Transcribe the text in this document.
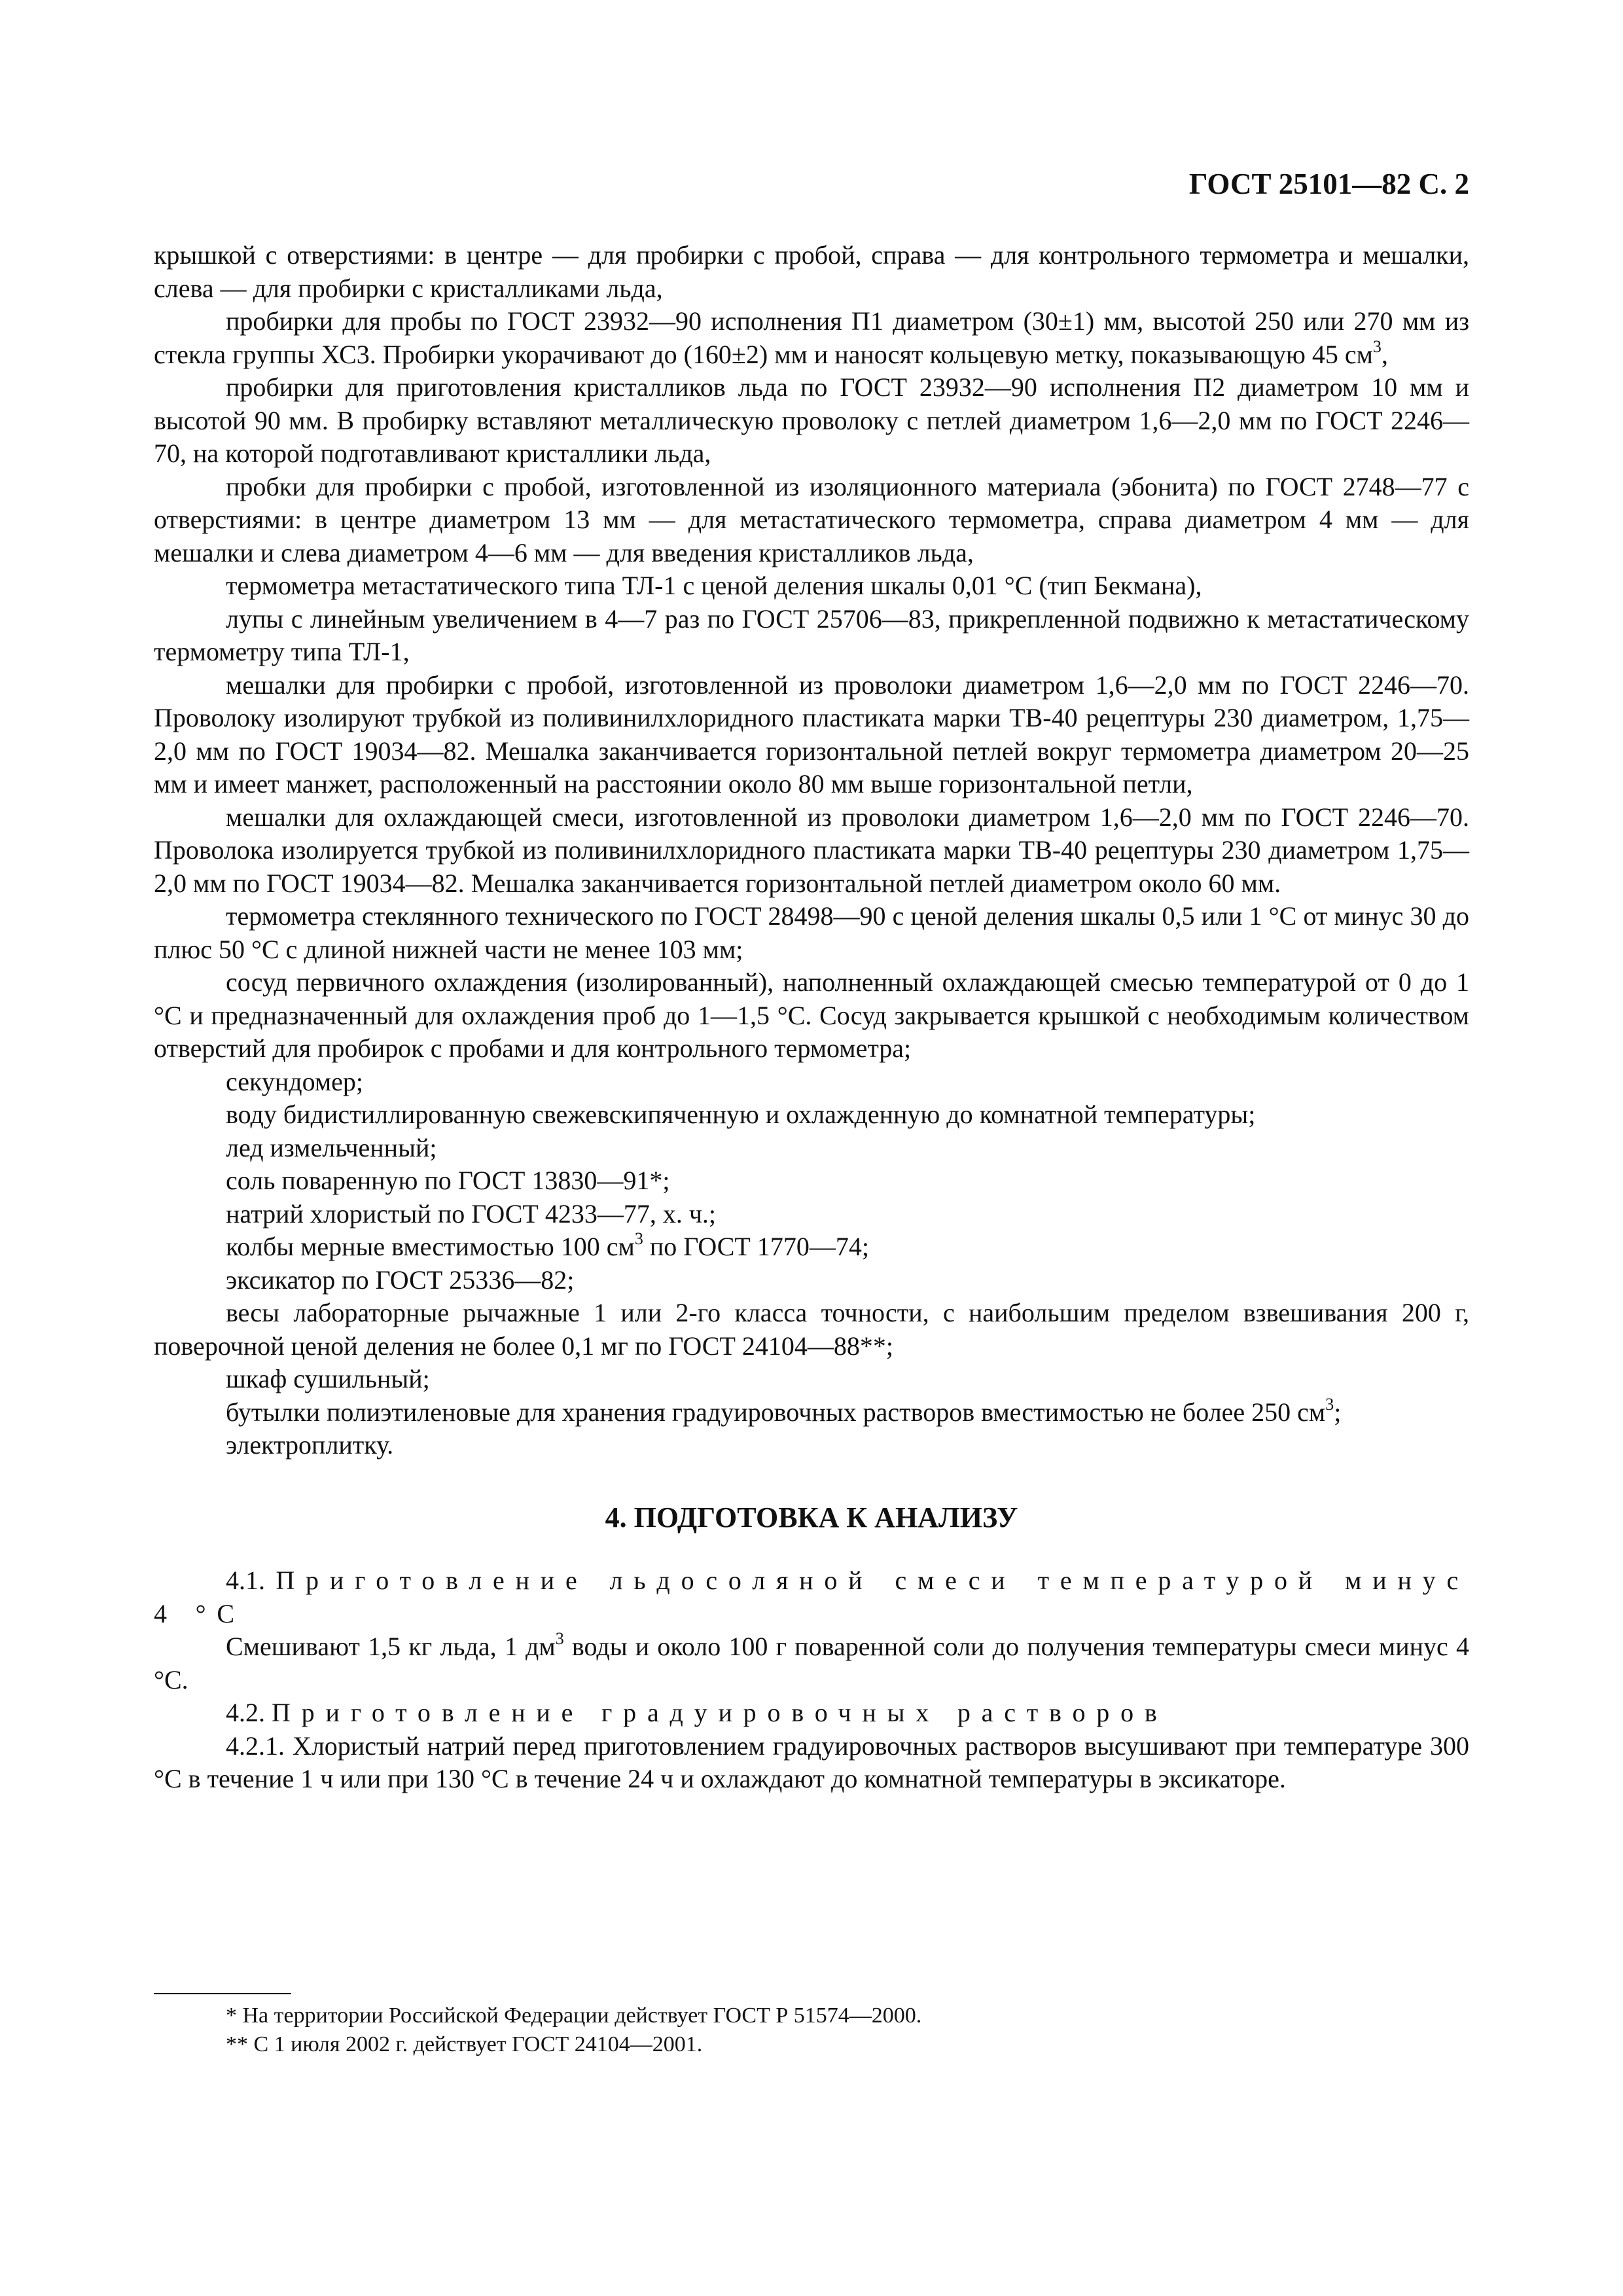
ГОСТ 25101—82 С. 2

крышкой с отверстиями: в центре — для пробирки с пробой, справа — для контрольного термометра и мешалки, слева — для пробирки с кристалликами льда,

пробирки для пробы по ГОСТ 23932—90 исполнения П1 диаметром (30±1) мм, высотой 250 или 270 мм из стекла группы ХС3. Пробирки укорачивают до (160±2) мм и наносят кольцевую метку, показывающую 45 $см^3$,

пробирки для приготовления кристалликов льда по ГОСТ 23932—90 исполнения П2 диаметром 10 мм и высотой 90 мм. В пробирку вставляют металлическую проволоку с петлей диаметром 1,6—2,0 мм по ГОСТ 2246—70, на которой подготавливают кристаллики льда,

пробки для пробирки с пробой, изготовленной из изоляционного материала (эбонита) по ГОСТ 2748—77 с отверстиями: в центре диаметром 13 мм — для метастатического термометра, справа диаметром 4 мм — для мешалки и слева диаметром 4—6 мм — для введения кристалликов льда,

термометра метастатического типа ТЛ-1 с ценой деления шкалы 0,01 °С (тип Бекмана),

лупы с линейным увеличением в 4—7 раз по ГОСТ 25706—83, прикрепленной подвижно к метастатическому термометру типа ТЛ-1,

мешалки для пробирки с пробой, изготовленной из проволоки диаметром 1,6—2,0 мм по ГОСТ 2246—70. Проволоку изолируют трубкой из поливинилхлоридного пластиката марки ТВ-40 рецептуры 230 диаметром, 1,75—2,0 мм по ГОСТ 19034—82. Мешалка заканчивается горизонтальной петлей вокруг термометра диаметром 20—25 мм и имеет манжет, расположенный на расстоянии около 80 мм выше горизонтальной петли,

мешалки для охлаждающей смеси, изготовленной из проволоки диаметром 1,6—2,0 мм по ГОСТ 2246—70. Проволока изолируется трубкой из поливинилхлоридного пластиката марки ТВ-40 рецептуры 230 диаметром 1,75—2,0 мм по ГОСТ 19034—82. Мешалка заканчивается горизонтальной петлей диаметром около 60 мм.

термометра стеклянного технического по ГОСТ 28498—90 с ценой деления шкалы 0,5 или 1 °С от минус 30 до плюс 50 °С с длиной нижней части не менее 103 мм;

сосуд первичного охлаждения (изолированный), наполненный охлаждающей смесью температурой от 0 до 1 °С и предназначенный для охлаждения проб до 1—1,5 °С. Сосуд закрывается крышкой с необходимым количеством отверстий для пробирок с пробами и для контрольного термометра;

секундомер;

воду бидистиллированную свежевскипяченную и охлажденную до комнатной температуры;

лед измельченный;

соль поваренную по ГОСТ 13830—91*;

натрий хлористый по ГОСТ 4233—77, х. ч.;

колбы мерные вместимостью 100 $см^3$ по ГОСТ 1770—74;

эксикатор по ГОСТ 25336—82;

весы лабораторные рычажные 1 или 2-го класса точности, с наибольшим пределом взвешивания 200 г, поверочной ценой деления не более 0,1 мг по ГОСТ 24104—88**;

шкаф сушильный;

бутылки полиэтиленовые для хранения градуировочных растворов вместимостью не более 250 $см^3$;

электроплитку.

4. ПОДГОТОВКА К АНАЛИЗУ

4.1. Приготовление льдосоляной смеси температурой минус 4 °С

Смешивают 1,5 кг льда, 1 $дм^3$ воды и около 100 г поваренной соли до получения температуры смеси минус 4 °С.

4.2. Приготовление градуировочных растворов

4.2.1. Хлористый натрий перед приготовлением градуировочных растворов высушивают при температуре 300 °С в течение 1 ч или при 130 °С в течение 24 ч и охлаждают до комнатной температуры в эксикаторе.

* На территории Российской Федерации действует ГОСТ Р 51574—2000.
** С 1 июля 2002 г. действует ГОСТ 24104—2001.
